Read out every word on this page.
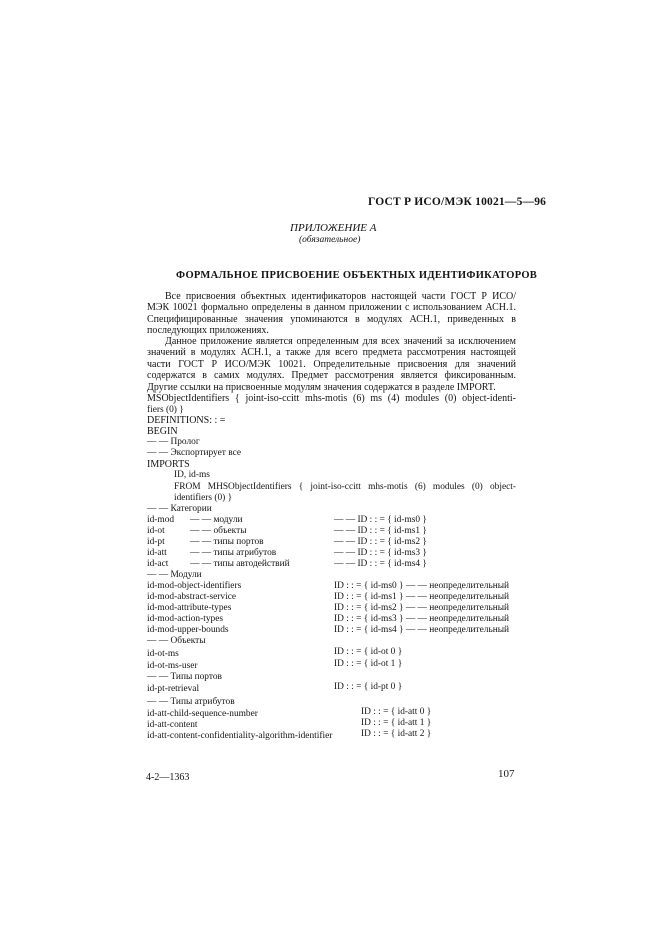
ГОСТ Р ИСО/МЭК 10021—5—96
ПРИЛОЖЕНИЕ А
(обязательное)
ФОРМАЛЬНОЕ ПРИСВОЕНИЕ ОБЪЕКТНЫХ ИДЕНТИФИКАТОРОВ

Все присвоения объектных идентификаторов настоящей части ГОСТ Р ИСО/МЭК 10021 формально определены в данном приложении с использованием АСН.1. Специфицированные значения упоминаются в модулях АСН.1, приведенных в последующих приложениях.

Данное приложение является определенным для всех значений за исключением значений в модулях АСН.1, а также для всего предмета рассмотрения настоящей части ГОСТ Р ИСО/МЭК 10021. Определительные присвоения для значений содержатся в самих модулях. Предмет рассмотрения является фиксированным. Другие ссылки на присвоенные модулям значения содержатся в разделе IMPORT.

MSObjectIdentifiers { joint-iso-ccitt mhs-motis (6) ms (4) modules (0) object-identi-
fiers (0) }
DEFINITIONS: : =
BEGIN
— — Пролог
— — Экспортирует все
IMPORTS
ID, id-ms
FROM MHSObjectIdentifiers { joint-iso-ccitt mhs-motis (6) modules (0) object-
identifiers (0) }
— — Категории
id-mod — — модули	— — ID : : = { id-ms0 }
id-ot	— — объекты	— — ID : : = { id-ms1 }
id-pt	— — типы портов	— — ID : : = { id-ms2 }
id-att — — типы атрибутов	— — ID : : = { id-ms3 }
id-act — — типы автодействий	— — ID : : = { id-ms4 }
— — Модули
id-mod-object-identifiers	ID : : = { id-ms0 } — — неопределительный
id-mod-abstract-service	ID : : = { id-ms1 } — — неопределительный
id-mod-attribute-types	ID : : = { id-ms2 } — — неопределительный
id-mod-action-types	ID : : = { id-ms3 } — — неопределительный
id-mod-upper-bounds	ID : : = { id-ms4 } — — неопределительный
— — Объекты
id-ot-ms	ID : : = { id-ot 0 }
id-ot-ms-user	ID : : = { id-ot 1 }
— — Типы портов
id-pt-retrieval	ID : : = { id-pt 0 }
— — Типы атрибутов
id-att-child-sequence-number	ID : : = { id-att 0 }
id-att-content	ID : : = { id-att 1 }
id-att-content-confidentiality-algorithm-identifier	ID : : = { id-att 2 }
4-2—1363	107
